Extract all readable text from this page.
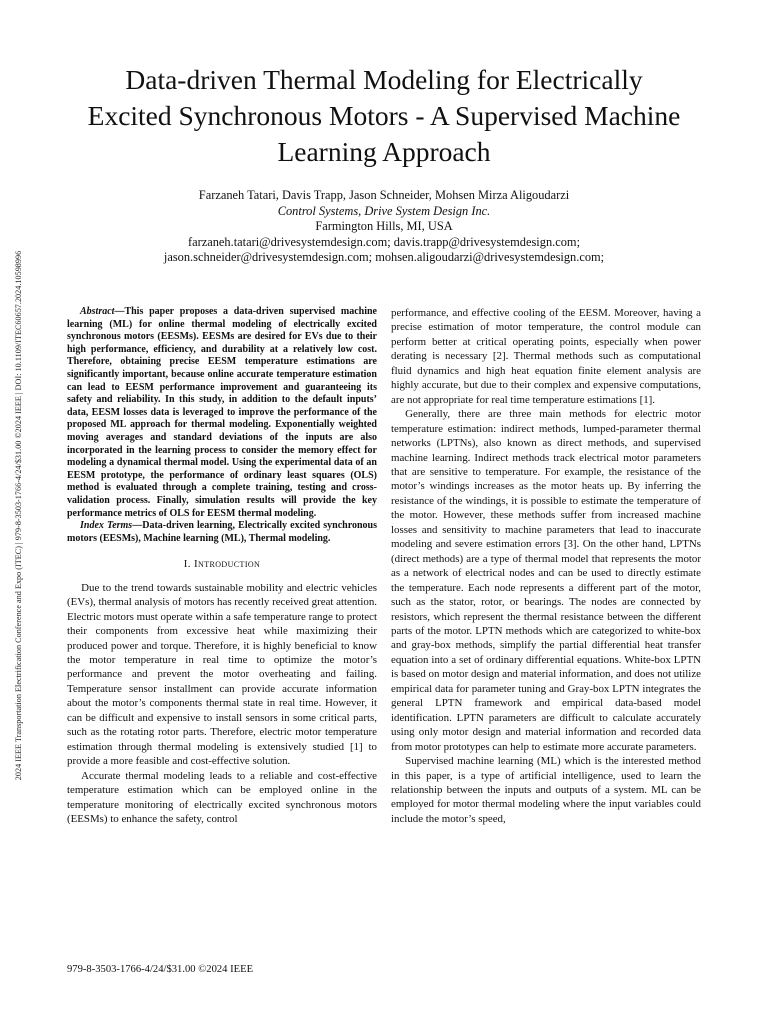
2024 IEEE Transportation Electrification Conference and Expo (ITEC) | 979-8-3503-1766-4/24/$31.00 ©2024 IEEE | DOI: 10.1109/ITEC60657.2024.10598996
Data-driven Thermal Modeling for Electrically Excited Synchronous Motors - A Supervised Machine Learning Approach
Farzaneh Tatari, Davis Trapp, Jason Schneider, Mohsen Mirza Aligoudarzi
Control Systems, Drive System Design Inc.
Farmington Hills, MI, USA
farzaneh.tatari@drivesystemdesign.com; davis.trapp@drivesystemdesign.com;
jason.schneider@drivesystemdesign.com; mohsen.aligoudarzi@drivesystemdesign.com;

Abstract—This paper proposes a data-driven supervised machine learning (ML) for online thermal modeling of electrically excited synchronous motors (EESMs). EESMs are desired for EVs due to their high performance, efficiency, and durability at a relatively low cost. Therefore, obtaining precise EESM temperature estimations are significantly important, because online accurate temperature estimation can lead to EESM performance improvement and guaranteeing its safety and reliability. In this study, in addition to the default inputs’ data, EESM losses data is leveraged to improve the performance of the proposed ML approach for thermal modeling. Exponentially weighted moving averages and standard deviations of the inputs are also incorporated in the learning process to consider the memory effect for modeling a dynamical thermal model. Using the experimental data of an EESM prototype, the performance of ordinary least squares (OLS) method is evaluated through a complete training, testing and cross-validation process. Finally, simulation results will provide the key performance metrics of OLS for EESM thermal modeling.

Index Terms—Data-driven learning, Electrically excited synchronous motors (EESMs), Machine learning (ML), Thermal modeling.

I. Introduction

Due to the trend towards sustainable mobility and electric vehicles (EVs), thermal analysis of motors has recently received great attention. Electric motors must operate within a safe temperature range to protect their components from excessive heat while maximizing their produced power and torque. Therefore, it is highly beneficial to know the motor temperature in real time to optimize the motor’s performance and prevent the motor overheating and failing. Temperature sensor installment can provide accurate information about the motor’s components thermal state in real time. However, it can be difficult and expensive to install sensors in some critical parts, such as the rotating rotor parts. Therefore, electric motor temperature estimation through thermal modeling is extensively studied [1] to provide a more feasible and cost-effective solution.

Accurate thermal modeling leads to a reliable and cost-effective temperature estimation which can be employed online in the temperature monitoring of electrically excited synchronous motors (EESMs) to enhance the safety, control

performance, and effective cooling of the EESM. Moreover, having a precise estimation of motor temperature, the control module can perform better at critical operating points, especially when power derating is necessary [2]. Thermal methods such as computational fluid dynamics and high heat equation finite element analysis are highly accurate, but due to their complex and expensive computations, are not appropriate for real time temperature estimations [1].

Generally, there are three main methods for electric motor temperature estimation: indirect methods, lumped-parameter thermal networks (LPTNs), also known as direct methods, and supervised machine learning. Indirect methods track electrical motor parameters that are sensitive to temperature. For example, the resistance of the motor’s windings increases as the motor heats up. By inferring the resistance of the windings, it is possible to estimate the temperature of the motor. However, these methods suffer from increased machine losses and sensitivity to machine parameters that lead to inaccurate modeling and severe estimation errors [3]. On the other hand, LPTNs (direct methods) are a type of thermal model that represents the motor as a network of electrical nodes and can be used to directly estimate the temperature. Each node represents a different part of the motor, such as the stator, rotor, or bearings. The nodes are connected by resistors, which represent the thermal resistance between the different parts of the motor. LPTN methods which are categorized to white-box and gray-box methods, simplify the partial differential heat transfer equation into a set of ordinary differential equations. White-box LPTN is based on motor design and material information, and does not utilize empirical data for parameter tuning and Gray-box LPTN integrates the general LPTN framework and empirical data-based model identification. LPTN parameters are difficult to calculate accurately using only motor design and material information and recorded data from motor prototypes can help to estimate more accurate parameters.

Supervised machine learning (ML) which is the interested method in this paper, is a type of artificial intelligence, used to learn the relationship between the inputs and outputs of a system. ML can be employed for motor thermal modeling where the input variables could include the motor’s speed,

979-8-3503-1766-4/24/$31.00 ©2024 IEEE
